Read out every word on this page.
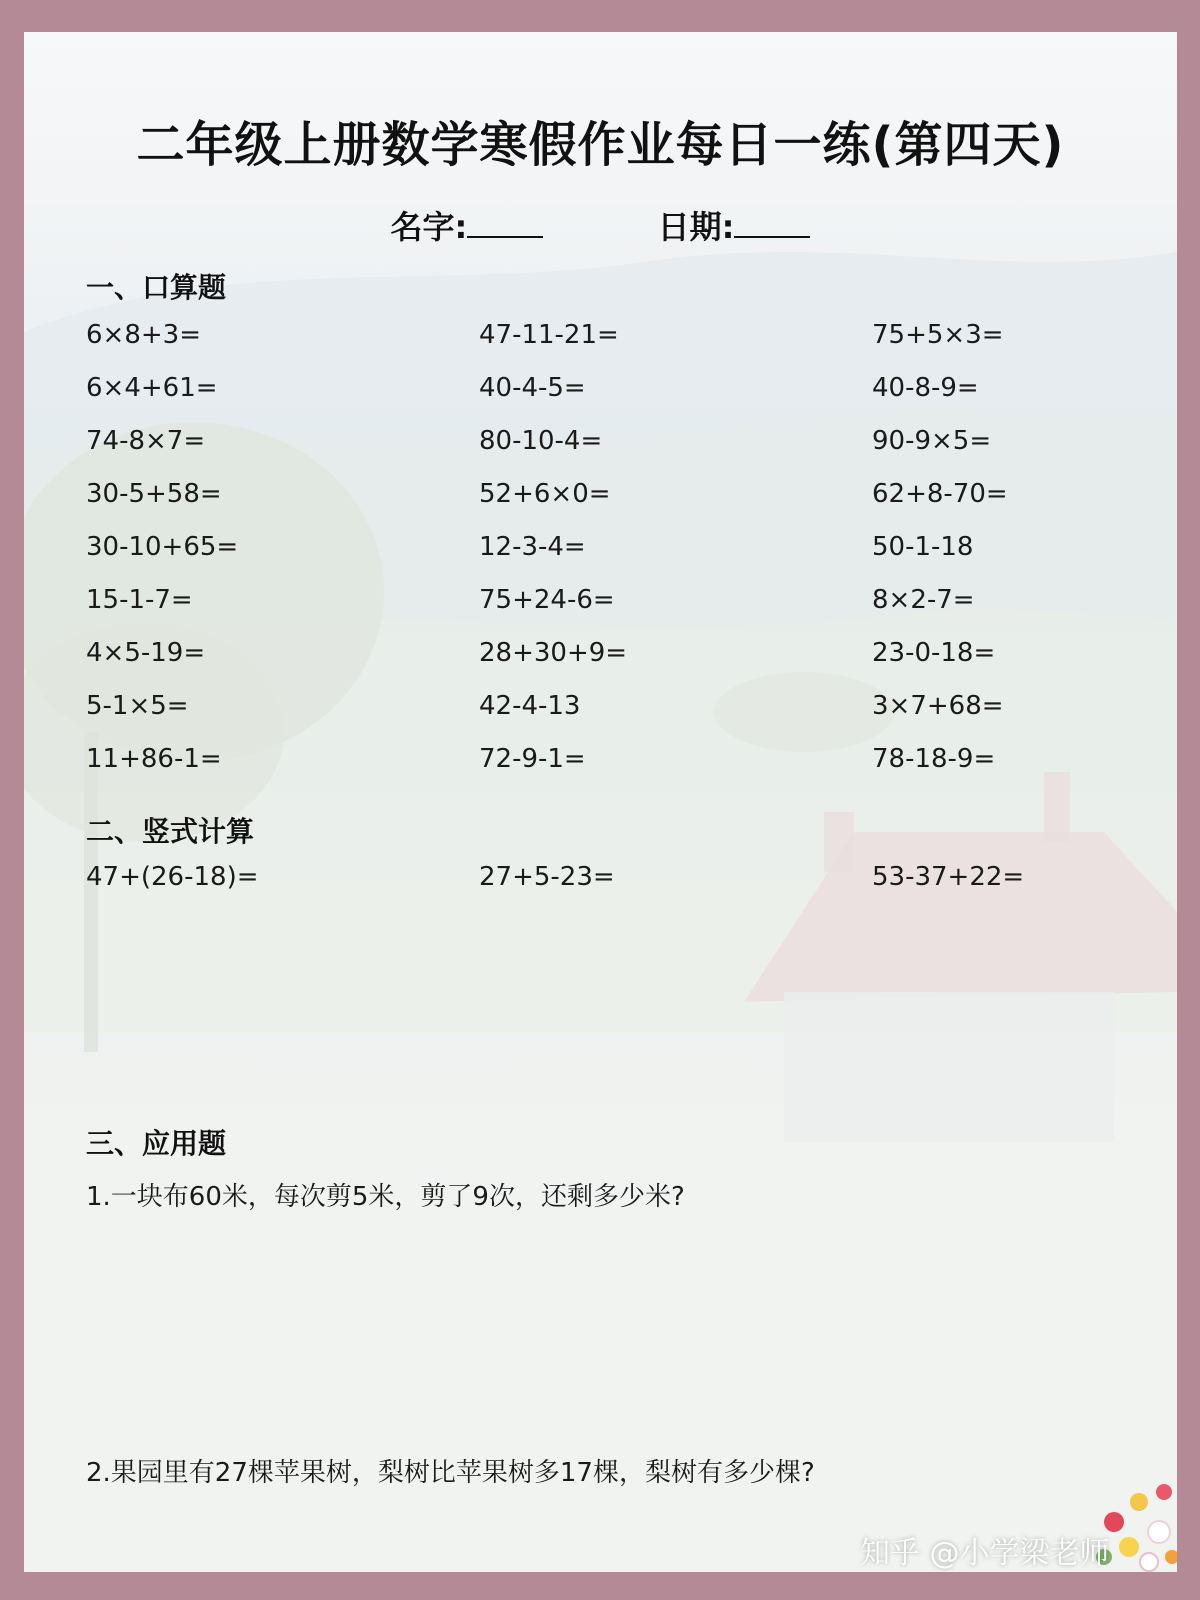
二年级上册数学寒假作业每日一练(第四天)
名字:	日期:
一、口算题
6×8+3=	47-11-21=	75+5×3=
6×4+61=	40-4-5=	40-8-9=
74-8×7=	80-10-4=	90-9×5=
30-5+58=	52+6×0=	62+8-70=
30-10+65=	12-3-4=	50-1-18
15-1-7=	75+24-6=	8×2-7=
4×5-19=	28+30+9=	23-0-18=
5-1×5=	42-4-13	3×7+68=
11+86-1=	72-9-1=	78-18-9=
二、竖式计算
47+(26-18)=	27+5-23=	53-37+22=
三、应用题
1.一块布60米，每次剪5米，剪了9次，还剩多少米?
2.果园里有27棵苹果树，梨树比苹果树多17棵，梨树有多少棵?
知乎 @小学梁老师
